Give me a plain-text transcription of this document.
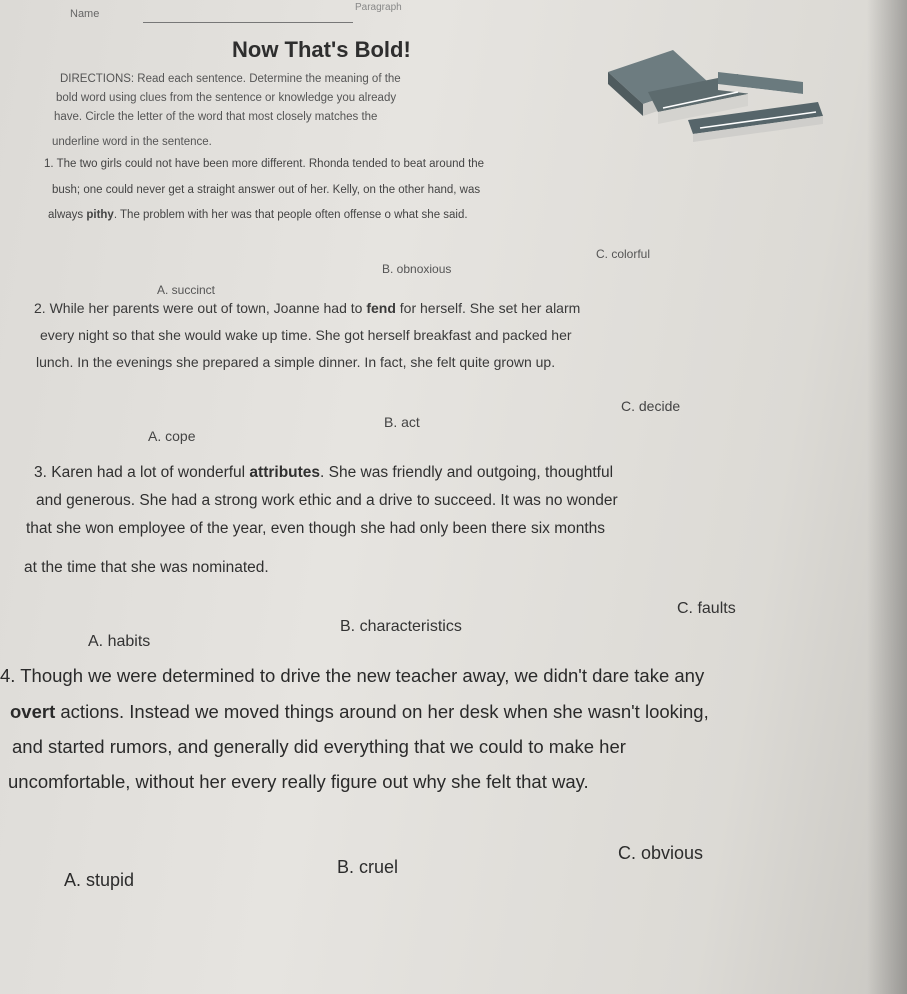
Name
Paragraph
Now That's Bold!
DIRECTIONS: Read each sentence. Determine the meaning of the
bold word using clues from the sentence or knowledge you already
have. Circle the letter of the word that most closely matches the
underline word in the sentence.
1. The two girls could not have been more different. Rhonda tended to beat around the
bush; one could never get a straight answer out of her. Kelly, on the other hand, was
always pithy. The problem with her was that people often offense o what she said.
A. succinct
B. obnoxious
C. colorful
2. While her parents were out of town, Joanne had to fend for herself. She set her alarm
every night so that she would wake up time. She got herself breakfast and packed her
lunch. In the evenings she prepared a simple dinner. In fact, she felt quite grown up.
A. cope
B. act
C. decide
3. Karen had a lot of wonderful attributes. She was friendly and outgoing, thoughtful
and generous. She had a strong work ethic and a drive to succeed. It was no wonder
that she won employee of the year, even though she had only been there six months
at the time that she was nominated.
A. habits
B. characteristics
C. faults
4. Though we were determined to drive the new teacher away, we didn't dare take any
overt actions. Instead we moved things around on her desk when she wasn't looking,
and started rumors, and generally did everything that we could to make her
uncomfortable, without her every really figure out why she felt that way.
A. stupid
B. cruel
C. obvious
